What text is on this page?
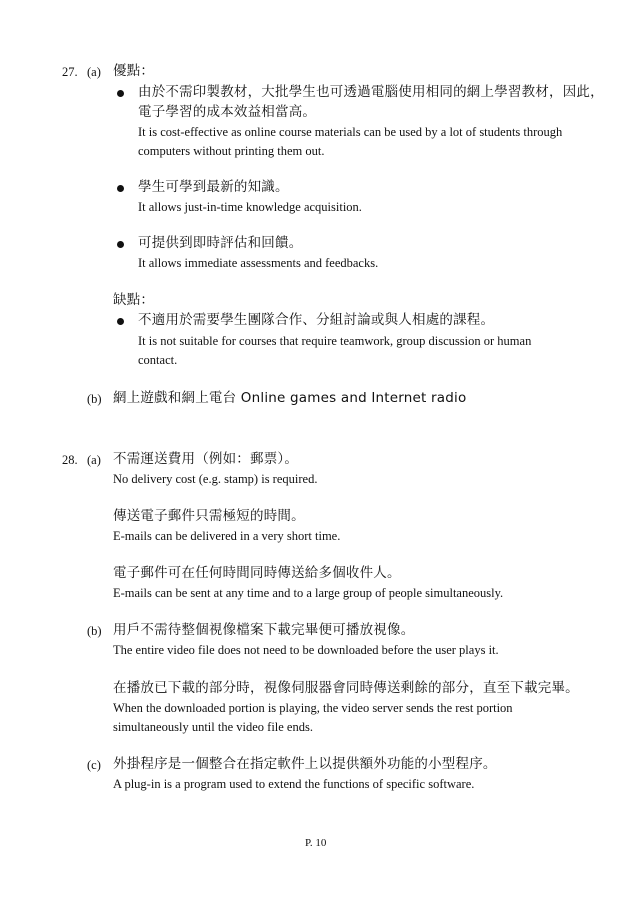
27. (a) 優點：
由於不需印製教材，大批學生也可透過電腦使用相同的網上學習教材，因此，
電子學習的成本效益相當高。
It is cost-effective as online course materials can be used by a lot of students through
computers without printing them out.
學生可學到最新的知識。
It allows just-in-time knowledge acquisition.
可提供到即時評估和回饋。
It allows immediate assessments and feedbacks.
缺點：
不適用於需要學生團隊合作、分組討論或與人相處的課程。
It is not suitable for courses that require teamwork, group discussion or human
contact.
(b) 網上遊戲和網上電台 Online games and Internet radio
28. (a) 不需運送費用（例如：郵票）。
No delivery cost (e.g. stamp) is required.
傳送電子郵件只需極短的時間。
E-mails can be delivered in a very short time.
電子郵件可在任何時間同時傳送給多個收件人。
E-mails can be sent at any time and to a large group of people simultaneously.
(b) 用戶不需待整個視像檔案下載完畢便可播放視像。
The entire video file does not need to be downloaded before the user plays it.
在播放已下載的部分時，視像伺服器會同時傳送剩餘的部分，直至下載完畢。
When the downloaded portion is playing, the video server sends the rest portion
simultaneously until the video file ends.
(c) 外掛程序是一個整合在指定軟件上以提供額外功能的小型程序。
A plug-in is a program used to extend the functions of specific software.
P. 10
